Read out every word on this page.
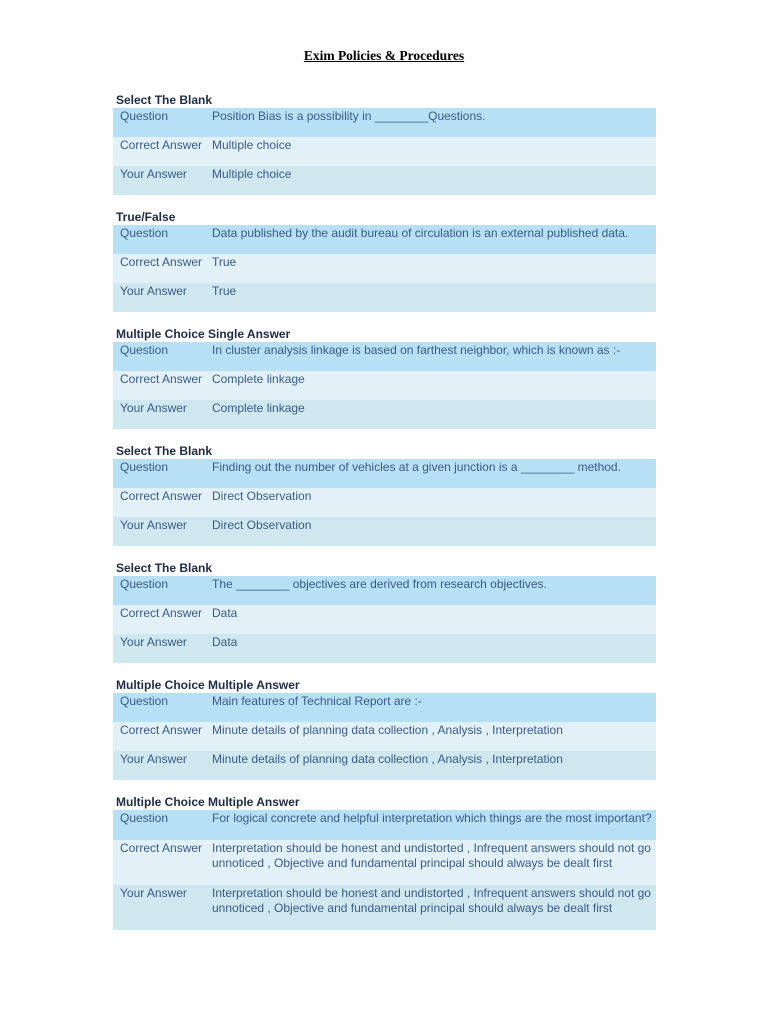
Exim Policies & Procedures
Select The Blank
Question	Position Bias is a possibility in ________Questions.
Correct Answer Multiple choice
Your Answer	Multiple choice
True/False
Question	Data published by the audit bureau of circulation is an external published data.
Correct Answer True
Your Answer	True
Multiple Choice Single Answer
Question	In cluster analysis linkage is based on farthest neighbor, which is known as :-
Correct Answer Complete linkage
Your Answer	Complete linkage
Select The Blank
Question	Finding out the number of vehicles at a given junction is a ________ method.
Correct Answer Direct Observation
Your Answer	Direct Observation
Select The Blank
Question	The ________ objectives are derived from research objectives.
Correct Answer Data
Your Answer	Data
Multiple Choice Multiple Answer
Question	Main features of Technical Report are :-
Correct Answer Minute details of planning data collection , Analysis , Interpretation
Your Answer	Minute details of planning data collection , Analysis , Interpretation
Multiple Choice Multiple Answer
Question	For logical concrete and helpful interpretation which things are the most important?
Correct Answer Interpretation should be honest and undistorted , Infrequent answers should not go unnoticed , Objective and fundamental principal should always be dealt first
Your Answer	Interpretation should be honest and undistorted , Infrequent answers should not go unnoticed , Objective and fundamental principal should always be dealt first
